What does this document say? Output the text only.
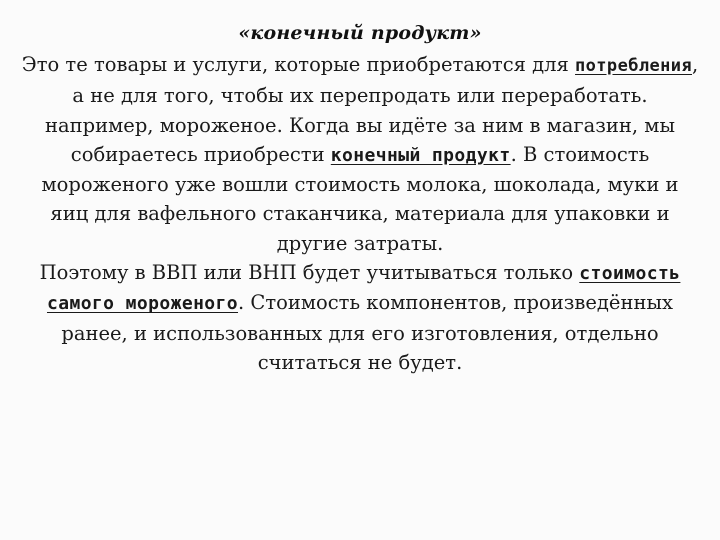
«конечный продукт»
Это те товары и услуги, которые приобретаются для потребления, а не для того, чтобы их перепродать или переработать. например, мороженое. Когда вы идёте за ним в магазин, мы собираетесь приобрести конечный продукт. В стоимость мороженого уже вошли стоимость молока, шоколада, муки и яиц для вафельного стаканчика, материала для упаковки и другие затраты.
Поэтому в ВВП или ВНП будет учитываться только стоимость самого мороженого. Стоимость компонентов, произведённых ранее, и использованных для его изготовления, отдельно считаться не будет.
